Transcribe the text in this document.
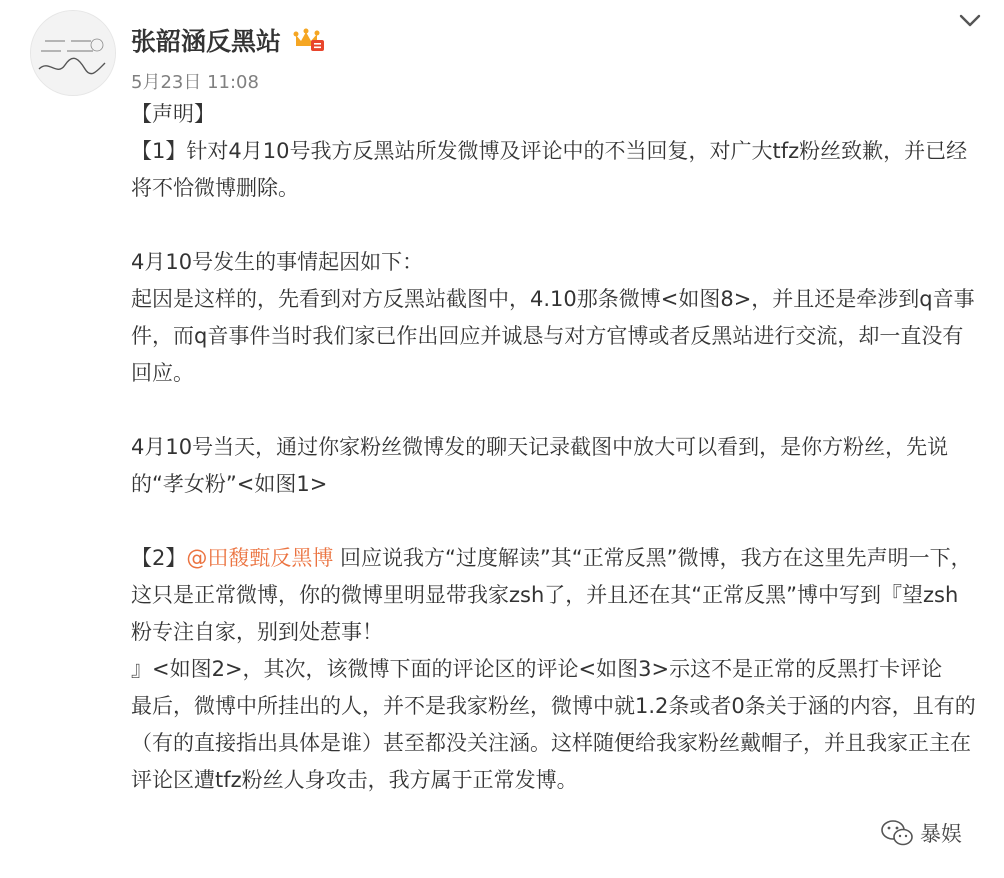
张韶涵反黑站
5月23日 11:08

【声明】

【1】针对4月10号我方反黑站所发微博及评论中的不当回复，对广大tfz粉丝致歉，并已经将不恰微博删除。

4月10号发生的事情起因如下：

起因是这样的，先看到对方反黑站截图中，4.10那条微博<如图8>，并且还是牵涉到q音事件，而q音事件当时我们家已作出回应并诚恳与对方官博或者反黑站进行交流，却一直没有回应。

4月10号当天，通过你家粉丝微博发的聊天记录截图中放大可以看到，是你方粉丝，先说的“孝女粉”<如图1>

【2】@田馥甄反黑博 回应说我方“过度解读”其“正常反黑”微博，我方在这里先声明一下，这只是正常微博，你的微博里明显带我家zsh了，并且还在其“正常反黑”博中写到『望zsh粉专注自家，别到处惹事！

』<如图2>，其次，该微博下面的评论区的评论<如图3>示这不是正常的反黑打卡评论

最后，微博中所挂出的人，并不是我家粉丝，微博中就1.2条或者0条关于涵的内容，且有的（有的直接指出具体是谁）甚至都没关注涵。这样随便给我家粉丝戴帽子，并且我家正主在评论区遭tfz粉丝人身攻击，我方属于正常发博。

暴娱
